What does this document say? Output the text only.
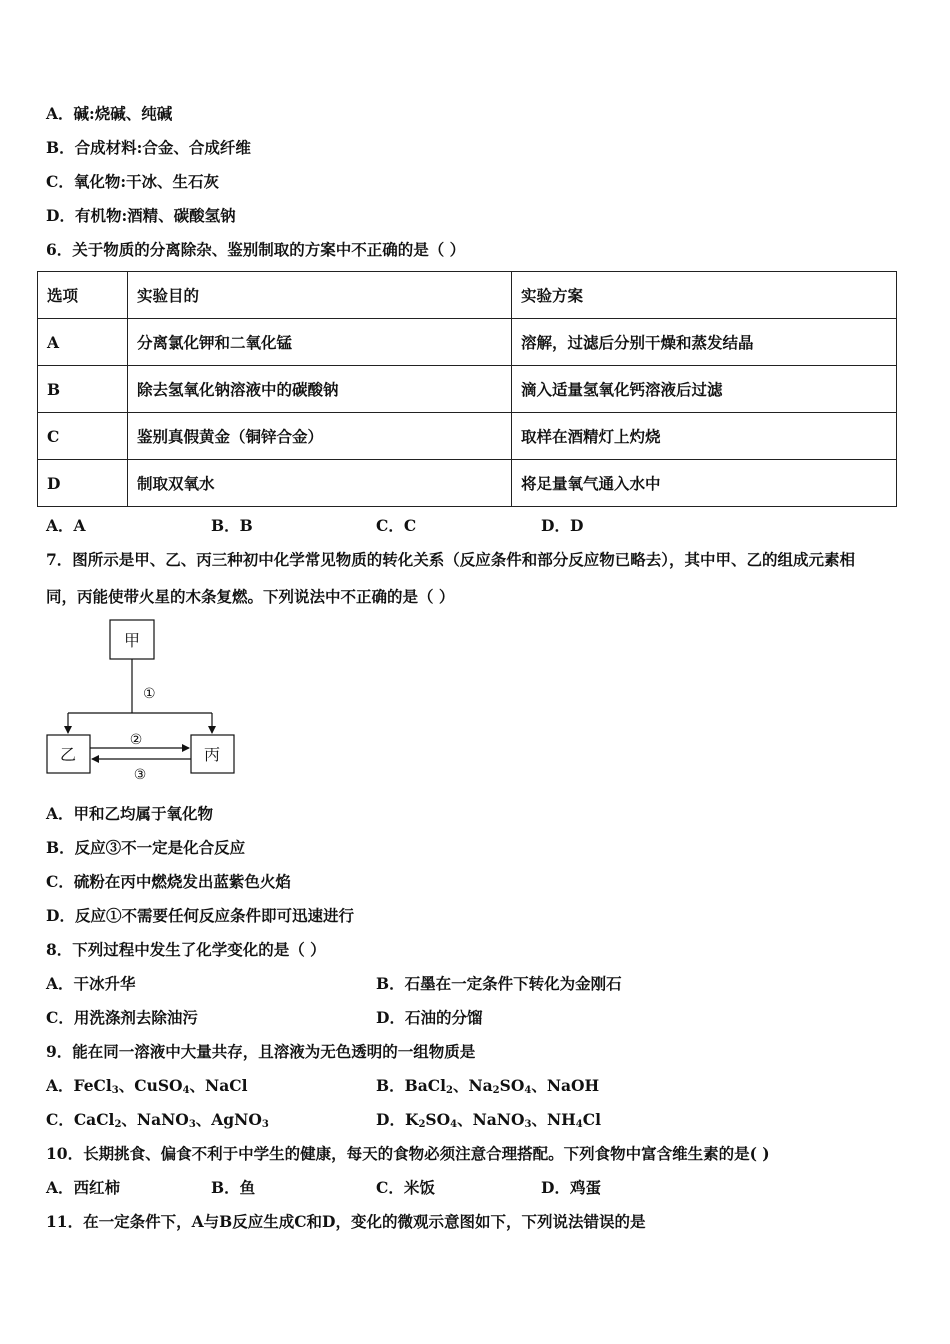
A．碱:烧碱、纯碱
B．合成材料:合金、合成纤维
C．氧化物:干冰、生石灰
D．有机物:酒精、碳酸氢钠
6．关于物质的分离除杂、鉴别制取的方案中不正确的是（ ）
选项	实验目的	实验方案
A	分离氯化钾和二氧化锰	溶解，过滤后分别干燥和蒸发结晶
B	除去氢氧化钠溶液中的碳酸钠	滴入适量氢氧化钙溶液后过滤
C	鉴别真假黄金（铜锌合金）	取样在酒精灯上灼烧
D	制取双氧水	将足量氧气通入水中
A．A	B．B	C．C	D．D
7．图所示是甲、乙、丙三种初中化学常见物质的转化关系（反应条件和部分反应物已略去），其中甲、乙的组成元素相
同，丙能使带火星的木条复燃。下列说法中不正确的是（ ）
甲
①
乙	丙
②
③
A．甲和乙均属于氧化物
B．反应③不一定是化合反应
C．硫粉在丙中燃烧发出蓝紫色火焰
D．反应①不需要任何反应条件即可迅速进行
8．下列过程中发生了化学变化的是（ ）
A．干冰升华	B．石墨在一定条件下转化为金刚石
C．用洗涤剂去除油污	D．石油的分馏
9．能在同一溶液中大量共存，且溶液为无色透明的一组物质是
A．FeCl$_3$、CuSO$_4$、NaCl	B．BaCl$_2$、$Na_2SO_4$、NaOH
C．CaCl$_2$、NaNO$_3$、AgNO$_3$	D．$K_2SO_4$、NaNO$_3$、$NH_4Cl$
10．长期挑食、偏食不利于中学生的健康，每天的食物必须注意合理搭配。下列食物中富含维生素的是( )
A．西红柿	B．鱼	C．米饭	D．鸡蛋
11．在一定条件下，A与B反应生成C和D，变化的微观示意图如下，下列说法错误的是
